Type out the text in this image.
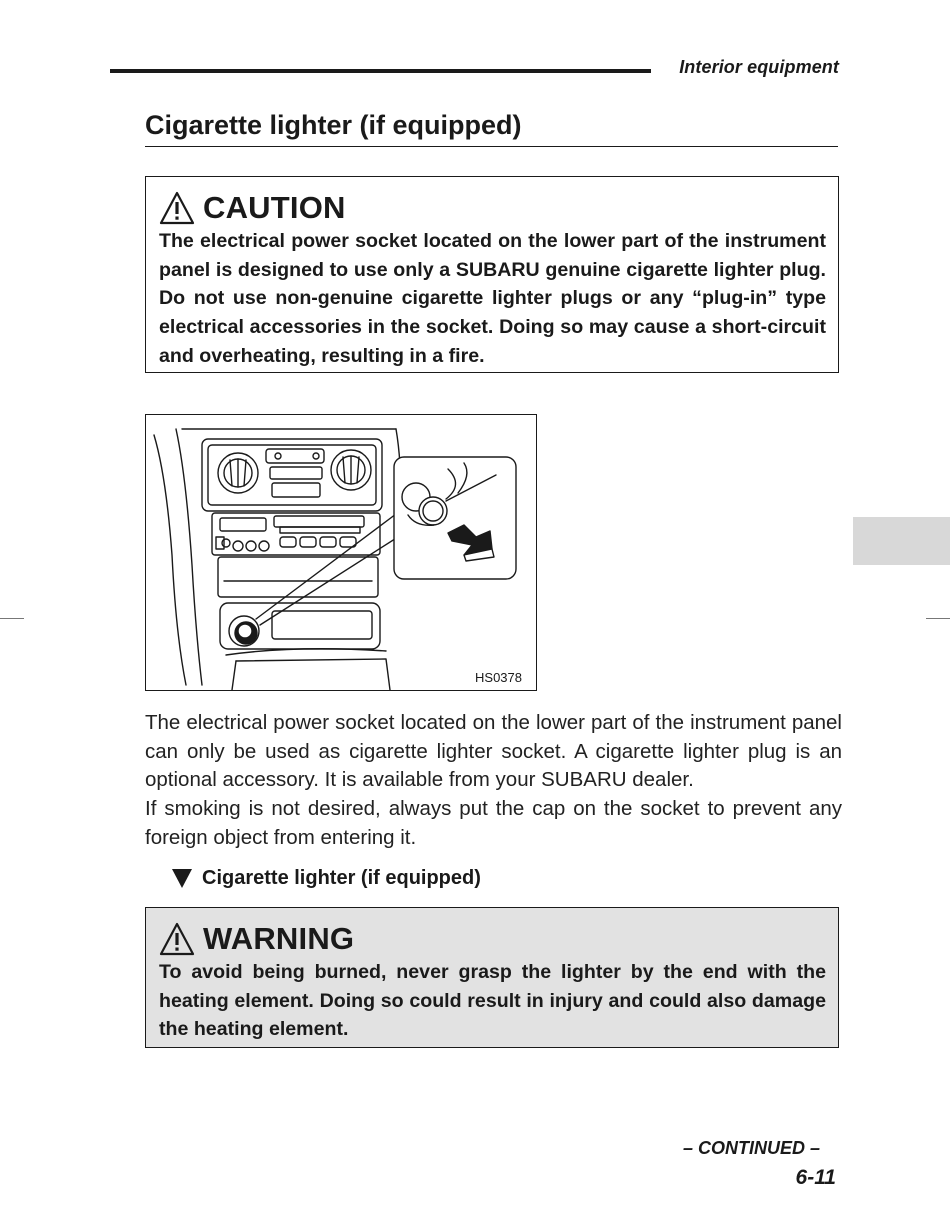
Interior equipment
Cigarette lighter (if equipped)
CAUTION

The electrical power socket located on the lower part of the instrument panel is designed to use only a SUBARU genuine cigarette lighter plug. Do not use non-genuine cigarette lighter plugs or any “plug-in” type electrical accessories in the socket. Doing so may cause a short-circuit and overheating, resulting in a fire.

HS0378

The electrical power socket located on the lower part of the instrument panel can only be used as cigarette lighter socket. A cigarette lighter plug is an optional accessory. It is available from your SUBARU dealer.

If smoking is not desired, always put the cap on the socket to prevent any foreign object from entering it.

Cigarette lighter (if equipped)
WARNING

To avoid being burned, never grasp the lighter by the end with the heating element. Doing so could result in injury and could also damage the heating element.

– CONTINUED –
6-11
